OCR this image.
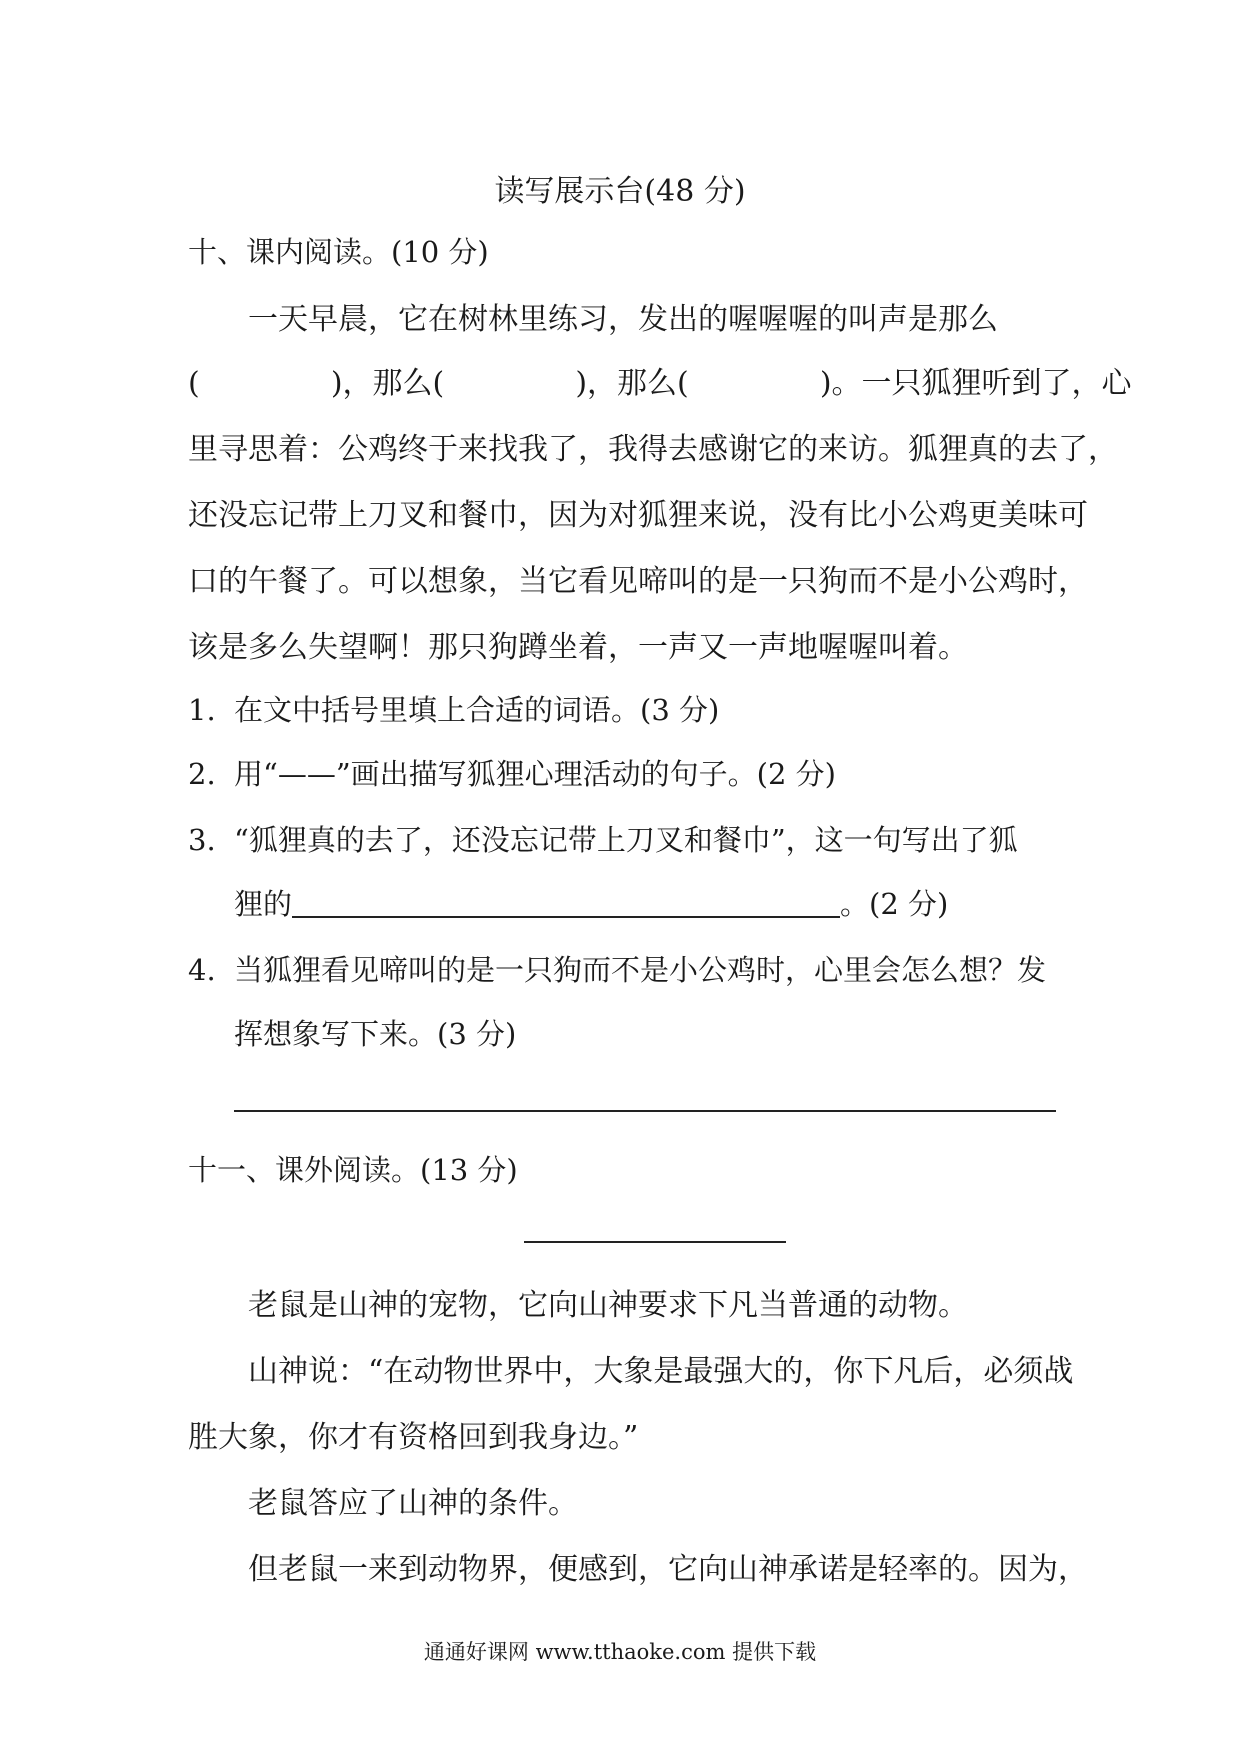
读写展示台(48 分)
十、课内阅读。(10 分)
一天早晨，它在树林里练习，发出的喔喔喔的叫声是那么
(	)，那么(	)，那么(	)。一只狐狸听到了，心
里寻思着：公鸡终于来找我了，我得去感谢它的来访。狐狸真的去了，
还没忘记带上刀叉和餐巾，因为对狐狸来说，没有比小公鸡更美味可
口的午餐了。可以想象，当它看见啼叫的是一只狗而不是小公鸡时，
该是多么失望啊！那只狗蹲坐着，一声又一声地喔喔叫着。
1. 在文中括号里填上合适的词语。(3 分)
2. 用“——”画出描写狐狸心理活动的句子。(2 分)
3. “狐狸真的去了，还没忘记带上刀叉和餐巾”，这一句写出了狐
狸的	。(2 分)
4. 当狐狸看见啼叫的是一只狗而不是小公鸡时，心里会怎么想？发
挥想象写下来。(3 分)
十一、课外阅读。(13 分)
老鼠是山神的宠物，它向山神要求下凡当普通的动物。
山神说：“在动物世界中，大象是最强大的，你下凡后，必须战
胜大象，你才有资格回到我身边。”
老鼠答应了山神的条件。
但老鼠一来到动物界，便感到，它向山神承诺是轻率的。因为，
通通好课网 www.tthaoke.com 提供下载
